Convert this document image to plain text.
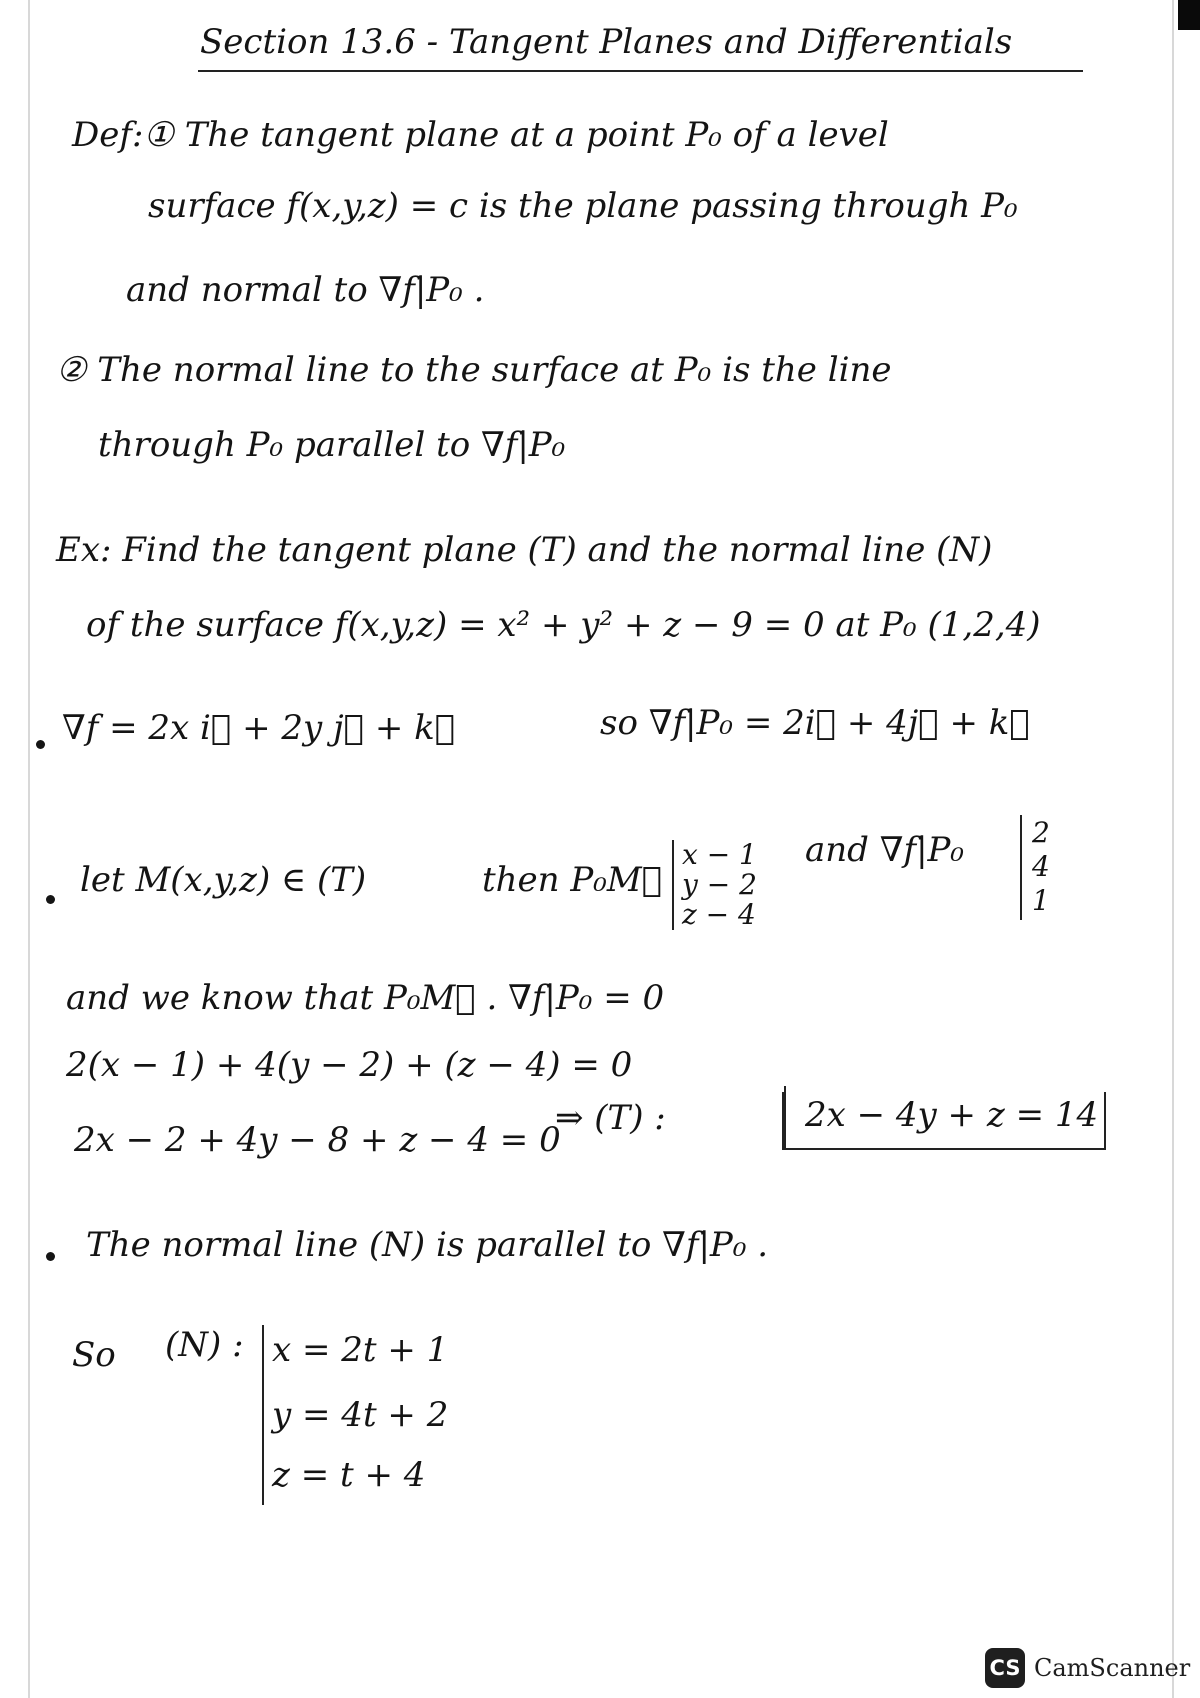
Section 13.6 - Tangent Planes and Differentials
Def:① The tangent plane at a point P₀ of a level
surface f(x,y,z) = c is the plane passing through P₀
and normal to ∇f|P₀ .
② The normal line to the surface at P₀ is the line
through P₀ parallel to ∇f|P₀
Ex: Find the tangent plane (T) and the normal line (N)
of the surface f(x,y,z) = x² + y² + z − 9 = 0 at P₀ (1,2,4)
∇f = 2x i⃗ + 2y j⃗ + k⃗	so ∇f|P₀ = 2i⃗ + 4j⃗ + k⃗
let M(x,y,z) ∈ (T)	then P₀M⃗
x − 1
y − 2
z − 4
and ∇f|P₀ 2
4
1
and we know that P₀M⃗ . ∇f|P₀ = 0
2(x − 1) + 4(y − 2) + (z − 4) = 0
2x − 2 + 4y − 8 + z − 4 = 0
⇒ (T) :	2x − 4y + z = 14
The normal line (N) is parallel to ∇f|P₀ .
So (N) : x = 2t + 1
y = 4t + 2
z = t + 4
CS CamScanner
